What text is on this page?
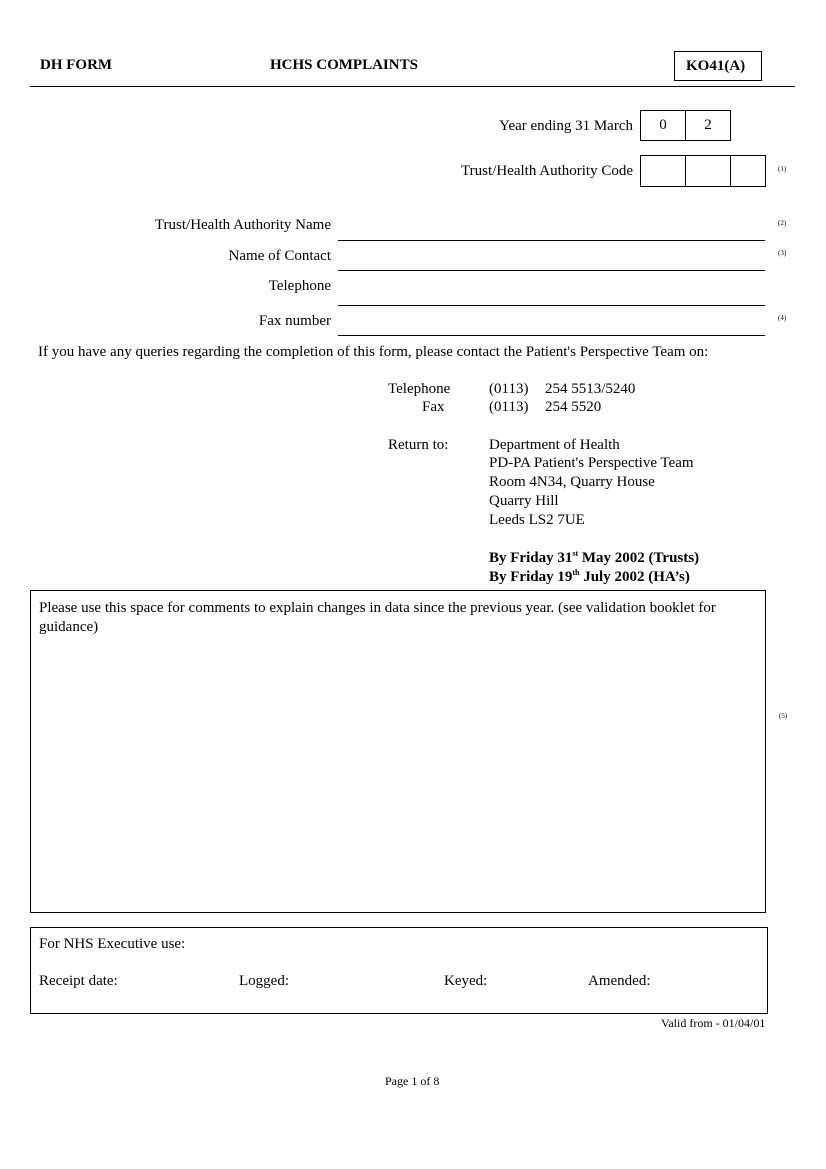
DH FORM	HCHS COMPLAINTS	KO41(A)
Year ending 31 March 0	2
Trust/Health Authority Code	(1)
Trust/Health Authority Name	(2)
Name of Contact	(3)
Telephone
Fax number	(4)
If you have any queries regarding the completion of this form, please contact the Patient's Perspective Team on:
Telephone	(0113) 254 5513/5240
Fax	(0113) 254 5520
Return to:	Department of Health
PD-PA Patient's Perspective Team
Room 4N34, Quarry House
Quarry Hill
Leeds LS2 7UE
By Friday 31st May 2002 (Trusts)
By Friday 19th July 2002 (HA’s)
Please use this space for comments to explain changes in data since the previous year. (see validation booklet for guidance)
(5)
For NHS Executive use:
Receipt date:	Logged:	Keyed:	Amended:
Valid from - 01/04/01
Page 1 of 8
